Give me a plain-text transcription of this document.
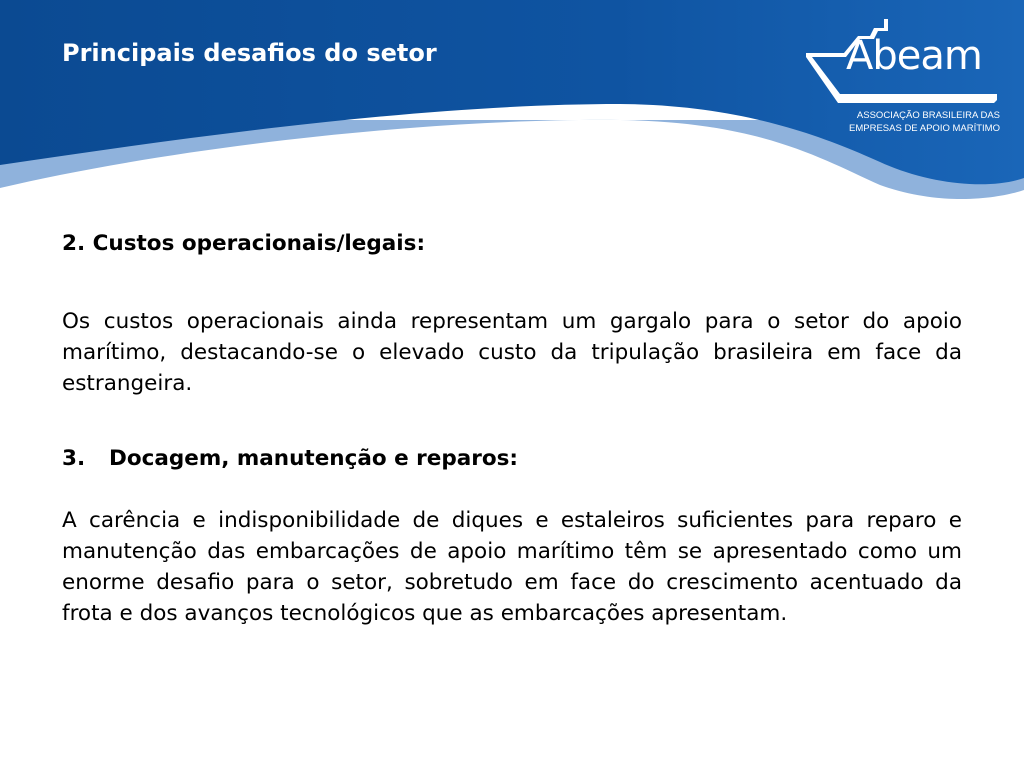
Principais desafios do setor	Abeam
ASSOCIAÇÃO BRASILEIRA DAS
EMPRESAS DE APOIO MARÍTIMO
2. Custos operacionais/legais:

Os custos operacionais ainda representam um gargalo para o setor do apoio marítimo, destacando-se o elevado custo da tripulação brasileira em face da estrangeira.

3. Docagem, manutenção e reparos:

A carência e indisponibilidade de diques e estaleiros suficientes para reparo e manutenção das embarcações de apoio marítimo têm se apresentado como um enorme desafio para o setor, sobretudo em face do crescimento acentuado da frota e dos avanços tecnológicos que as embarcações apresentam.
